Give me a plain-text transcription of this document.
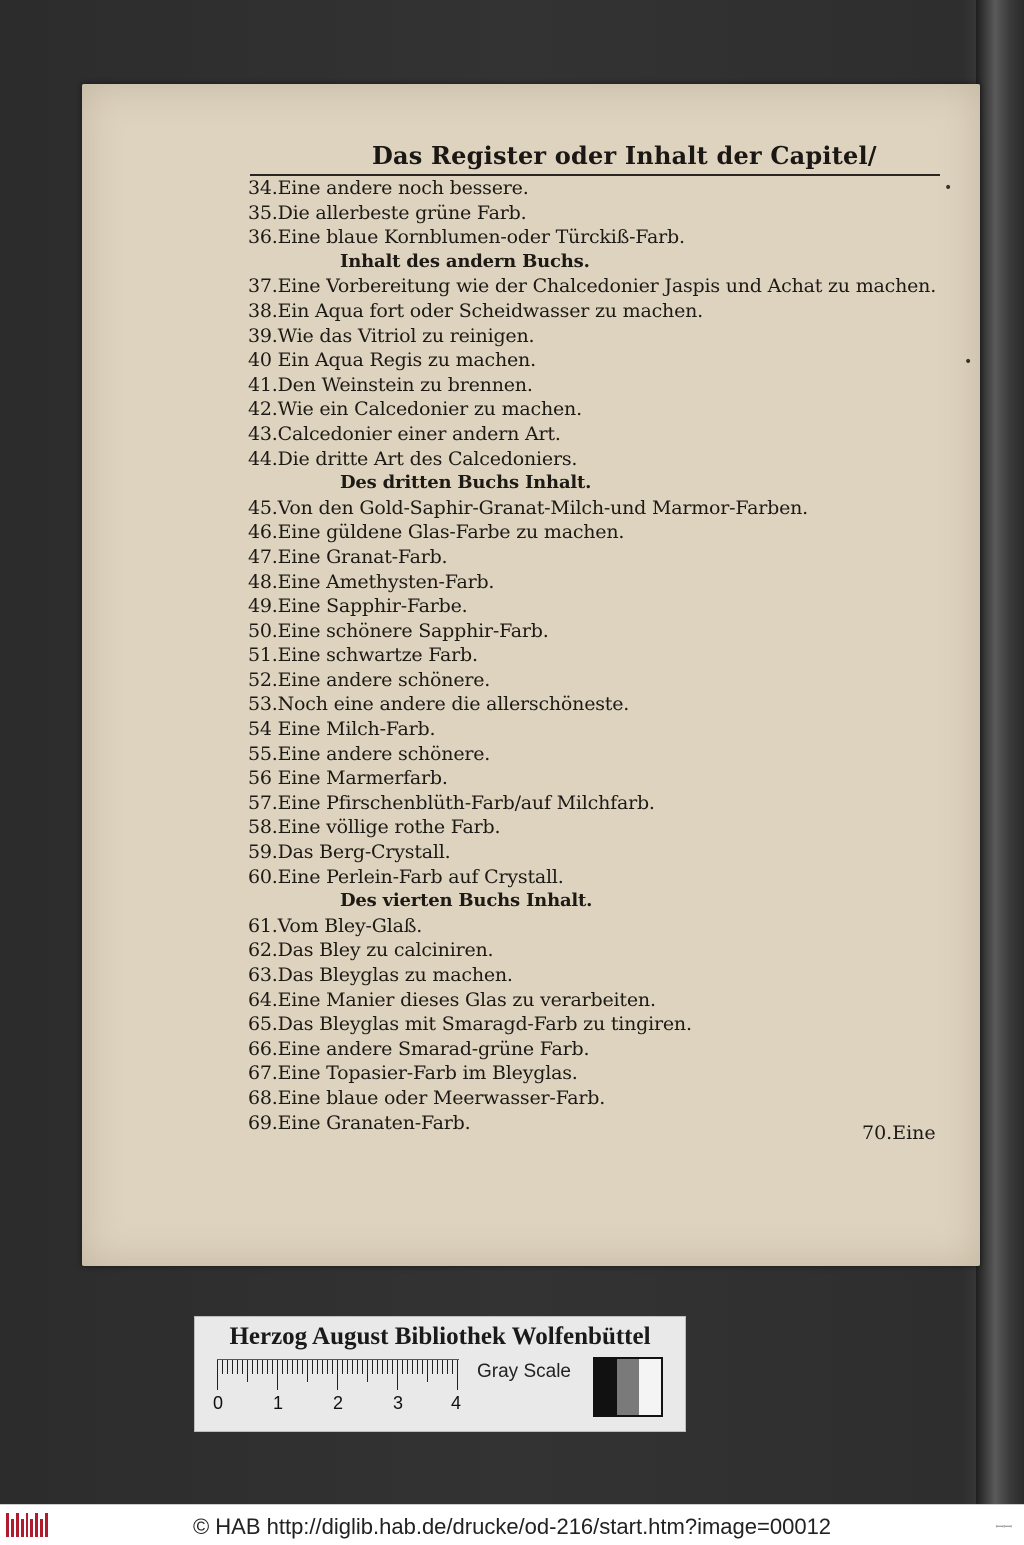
•
•
Das Register oder Inhalt der Capitel/
34.Eine andere noch bessere.
35.Die allerbeste grüne Farb.
36.Eine blaue Kornblumen-oder Türckiß-Farb.
Inhalt des andern Buchs.
37.Eine Vorbereitung wie der Chalcedonier Jaspis und Achat zu machen.
38.Ein Aqua fort oder Scheidwasser zu machen.
39.Wie das Vitriol zu reinigen.
40 Ein Aqua Regis zu machen.
41.Den Weinstein zu brennen.
42.Wie ein Calcedonier zu machen.
43.Calcedonier einer andern Art.
44.Die dritte Art des Calcedoniers.
Des dritten Buchs Inhalt.
45.Von den Gold-Saphir-Granat-Milch-und Marmor-Farben.
46.Eine güldene Glas-Farbe zu machen.
47.Eine Granat-Farb.
48.Eine Amethysten-Farb.
49.Eine Sapphir-Farbe.
50.Eine schönere Sapphir-Farb.
51.Eine schwartze Farb.
52.Eine andere schönere.
53.Noch eine andere die allerschöneste.
54 Eine Milch-Farb.
55.Eine andere schönere.
56 Eine Marmerfarb.
57.Eine Pfirschenblüth-Farb/auf Milchfarb.
58.Eine völlige rothe Farb.
59.Das Berg-Crystall.
60.Eine Perlein-Farb auf Crystall.
Des vierten Buchs Inhalt.
61.Vom Bley-Glaß.
62.Das Bley zu calciniren.
63.Das Bleyglas zu machen.
64.Eine Manier dieses Glas zu verarbeiten.
65.Das Bleyglas mit Smaragd-Farb zu tingiren.
66.Eine andere Smarad-grüne Farb.
67.Eine Topasier-Farb im Bleyglas.
68.Eine blaue oder Meerwasser-Farb.
69.Eine Granaten-Farb.	70.Eine
Herzog August Bibliothek Wolfenbüttel
0	1	2	3	4
Gray Scale
© HAB http://diglib.hab.de/drucke/od-216/start.htm?image=00012	ꟷꟷ
